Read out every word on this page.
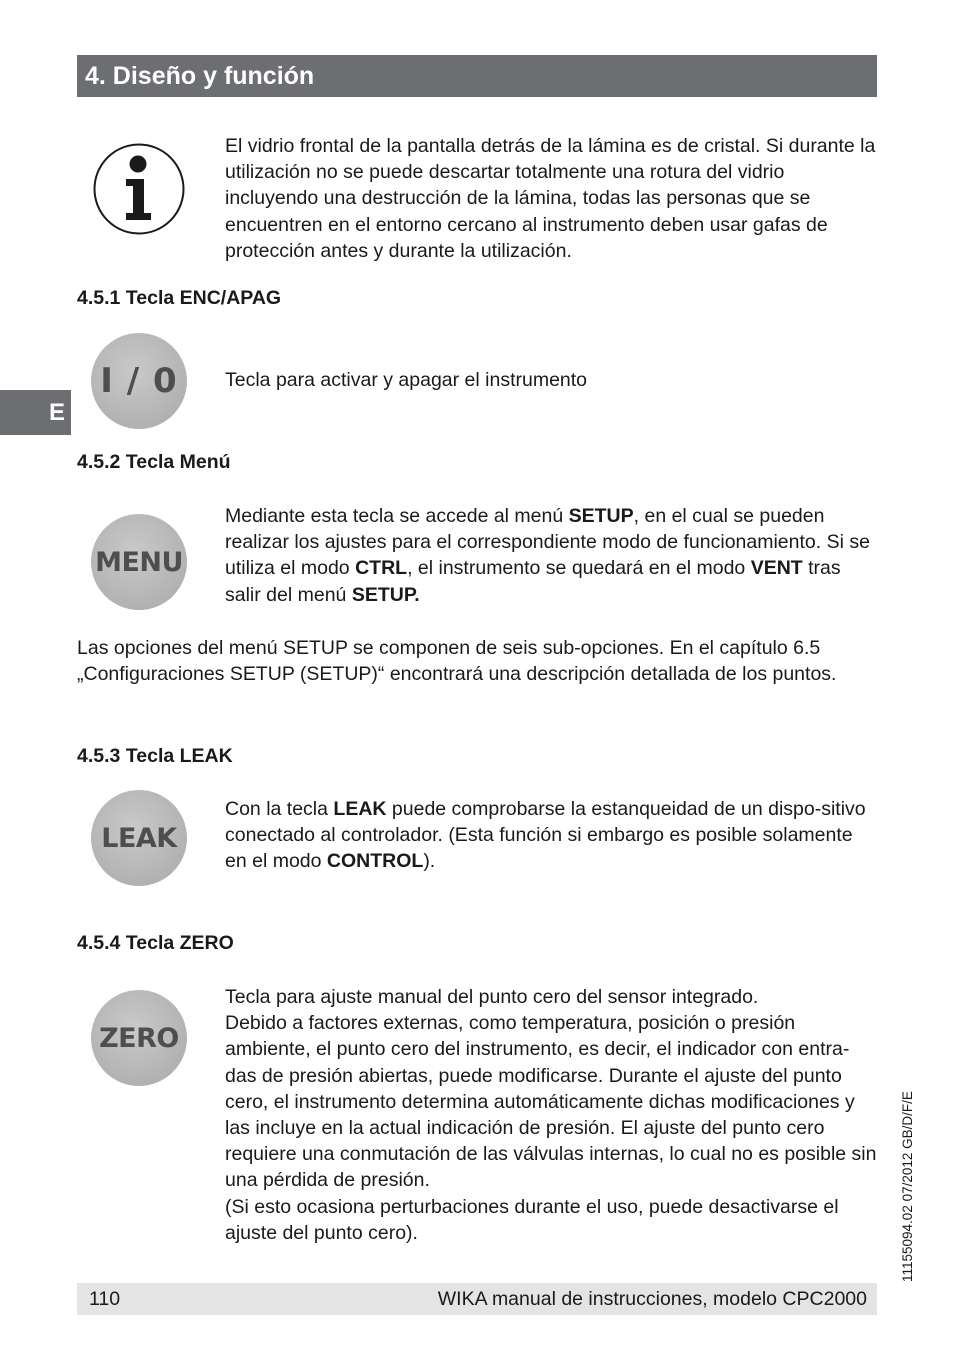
4. Diseño y función
El vidrio frontal de la pantalla detrás de la lámina es de cristal. Si durante la utilización no se puede descartar totalmente una rotura del vidrio incluyendo una destrucción de la lámina, todas las personas que se encuentren en el entorno cercano al instrumento deben usar gafas de protección antes y durante la utilización.
4.5.1 Tecla ENC/APAG
I / 0 Tecla para activar y apagar el instrumento
E
4.5.2 Tecla Menú
MENU
Mediante esta tecla se accede al menú SETUP, en el cual se pueden realizar los ajustes para el correspondiente modo de funcionamiento. Si se utiliza el modo CTRL, el instrumento se quedará en el modo VENT tras salir del menú SETUP.
Las opciones del menú SETUP se componen de seis sub-opciones. En el capítulo 6.5 „Configuraciones SETUP (SETUP)“ encontrará una descripción detallada de los puntos.
4.5.3 Tecla LEAK
LEAK
Con la tecla LEAK puede comprobarse la estanqueidad de un dispo-sitivo conectado al controlador. (Esta función si embargo es posible solamente en el modo CONTROL).
4.5.4 Tecla ZERO
ZERO
Tecla para ajuste manual del punto cero del sensor integrado.
Debido a factores externas, como temperatura, posición o presión ambiente, el punto cero del instrumento, es decir, el indicador con entra-das de presión abiertas, puede modificarse. Durante el ajuste del punto cero, el instrumento determina automáticamente dichas modificaciones y las incluye en la actual indicación de presión. El ajuste del punto cero requiere una conmutación de las válvulas internas, lo cual no es posible sin una pérdida de presión.
(Si esto ocasiona perturbaciones durante el uso, puede desactivarse el ajuste del punto cero).	11155094.02 07/2012 GB/D/F/E
110	WIKA manual de instrucciones, modelo CPC2000
